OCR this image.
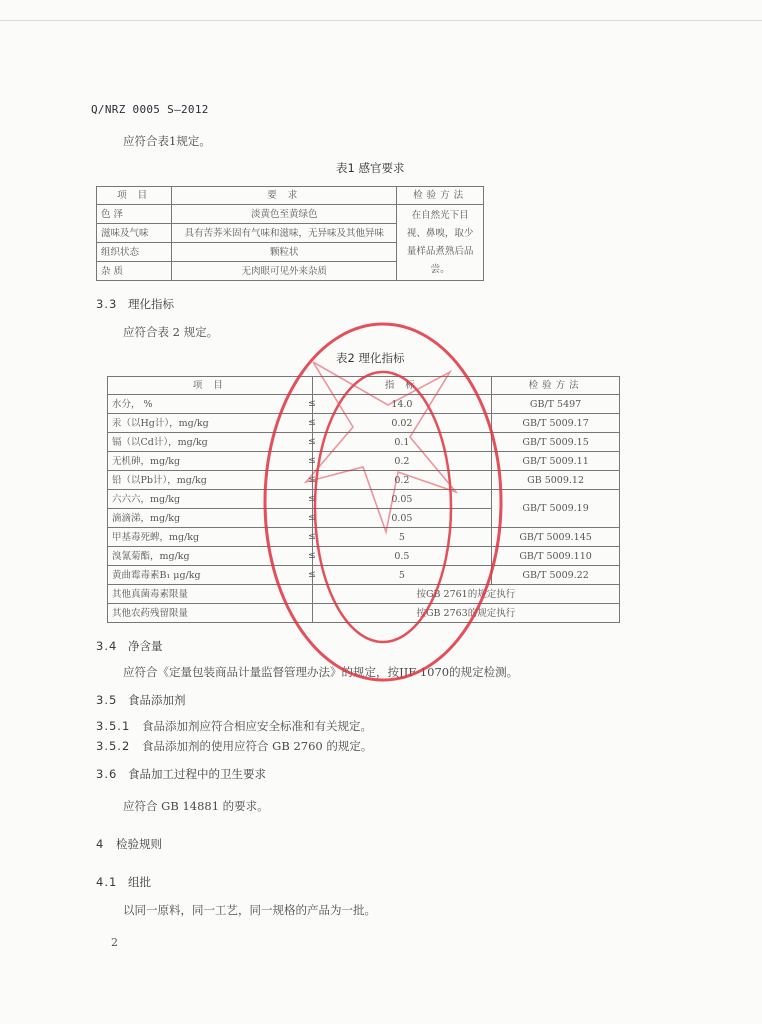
Q/NRZ 0005 S—2012
应符合表1规定。
表1 感官要求
项 目	要 求	检验方法
色 泽	淡黄色至黄绿色	在自然光下目视、鼻嗅，取少量样品煮熟后品尝。
滋味及气味	具有苦荞米固有气味和滋味，无异味及其他异味	
组织状态	颗粒状	
杂 质	无肉眼可见外来杂质	
3.3 理化指标
应符合表 2 规定。
表2 理化指标
项 目	指 标	检验方法
水分， % ≤	14.0	GB/T 5497
汞（以Hg计），mg/kg ≤	0.02	GB/T 5009.17
镉（以Cd计），mg/kg ≤	0.1	GB/T 5009.15
无机砷，mg/kg ≤	0.2	GB/T 5009.11
铅（以Pb计），mg/kg ≤	0.2	GB 5009.12
六六六，mg/kg ≤	0.05	GB/T 5009.19
滴滴涕，mg/kg ≤	0.05	
甲基毒死蜱，mg/kg ≤	5	GB/T 5009.145
溴氰菊酯，mg/kg ≤	0.5	GB/T 5009.110
黄曲霉毒素B₁ μg/kg ≤	5	GB/T 5009.22
其他真菌毒素限量	按GB 2761的规定执行	
其他农药残留限量	按GB 2763的规定执行	
3.4 净含量
应符合《定量包装商品计量监督管理办法》的规定，按JJF 1070的规定检测。
3.5 食品添加剂
3.5.1 食品添加剂应符合相应安全标准和有关规定。
3.5.2 食品添加剂的使用应符合 GB 2760 的规定。
3.6 食品加工过程中的卫生要求
应符合 GB 14881 的要求。
4 检验规则
4.1 组批
以同一原料，同一工艺，同一规格的产品为一批。
2
